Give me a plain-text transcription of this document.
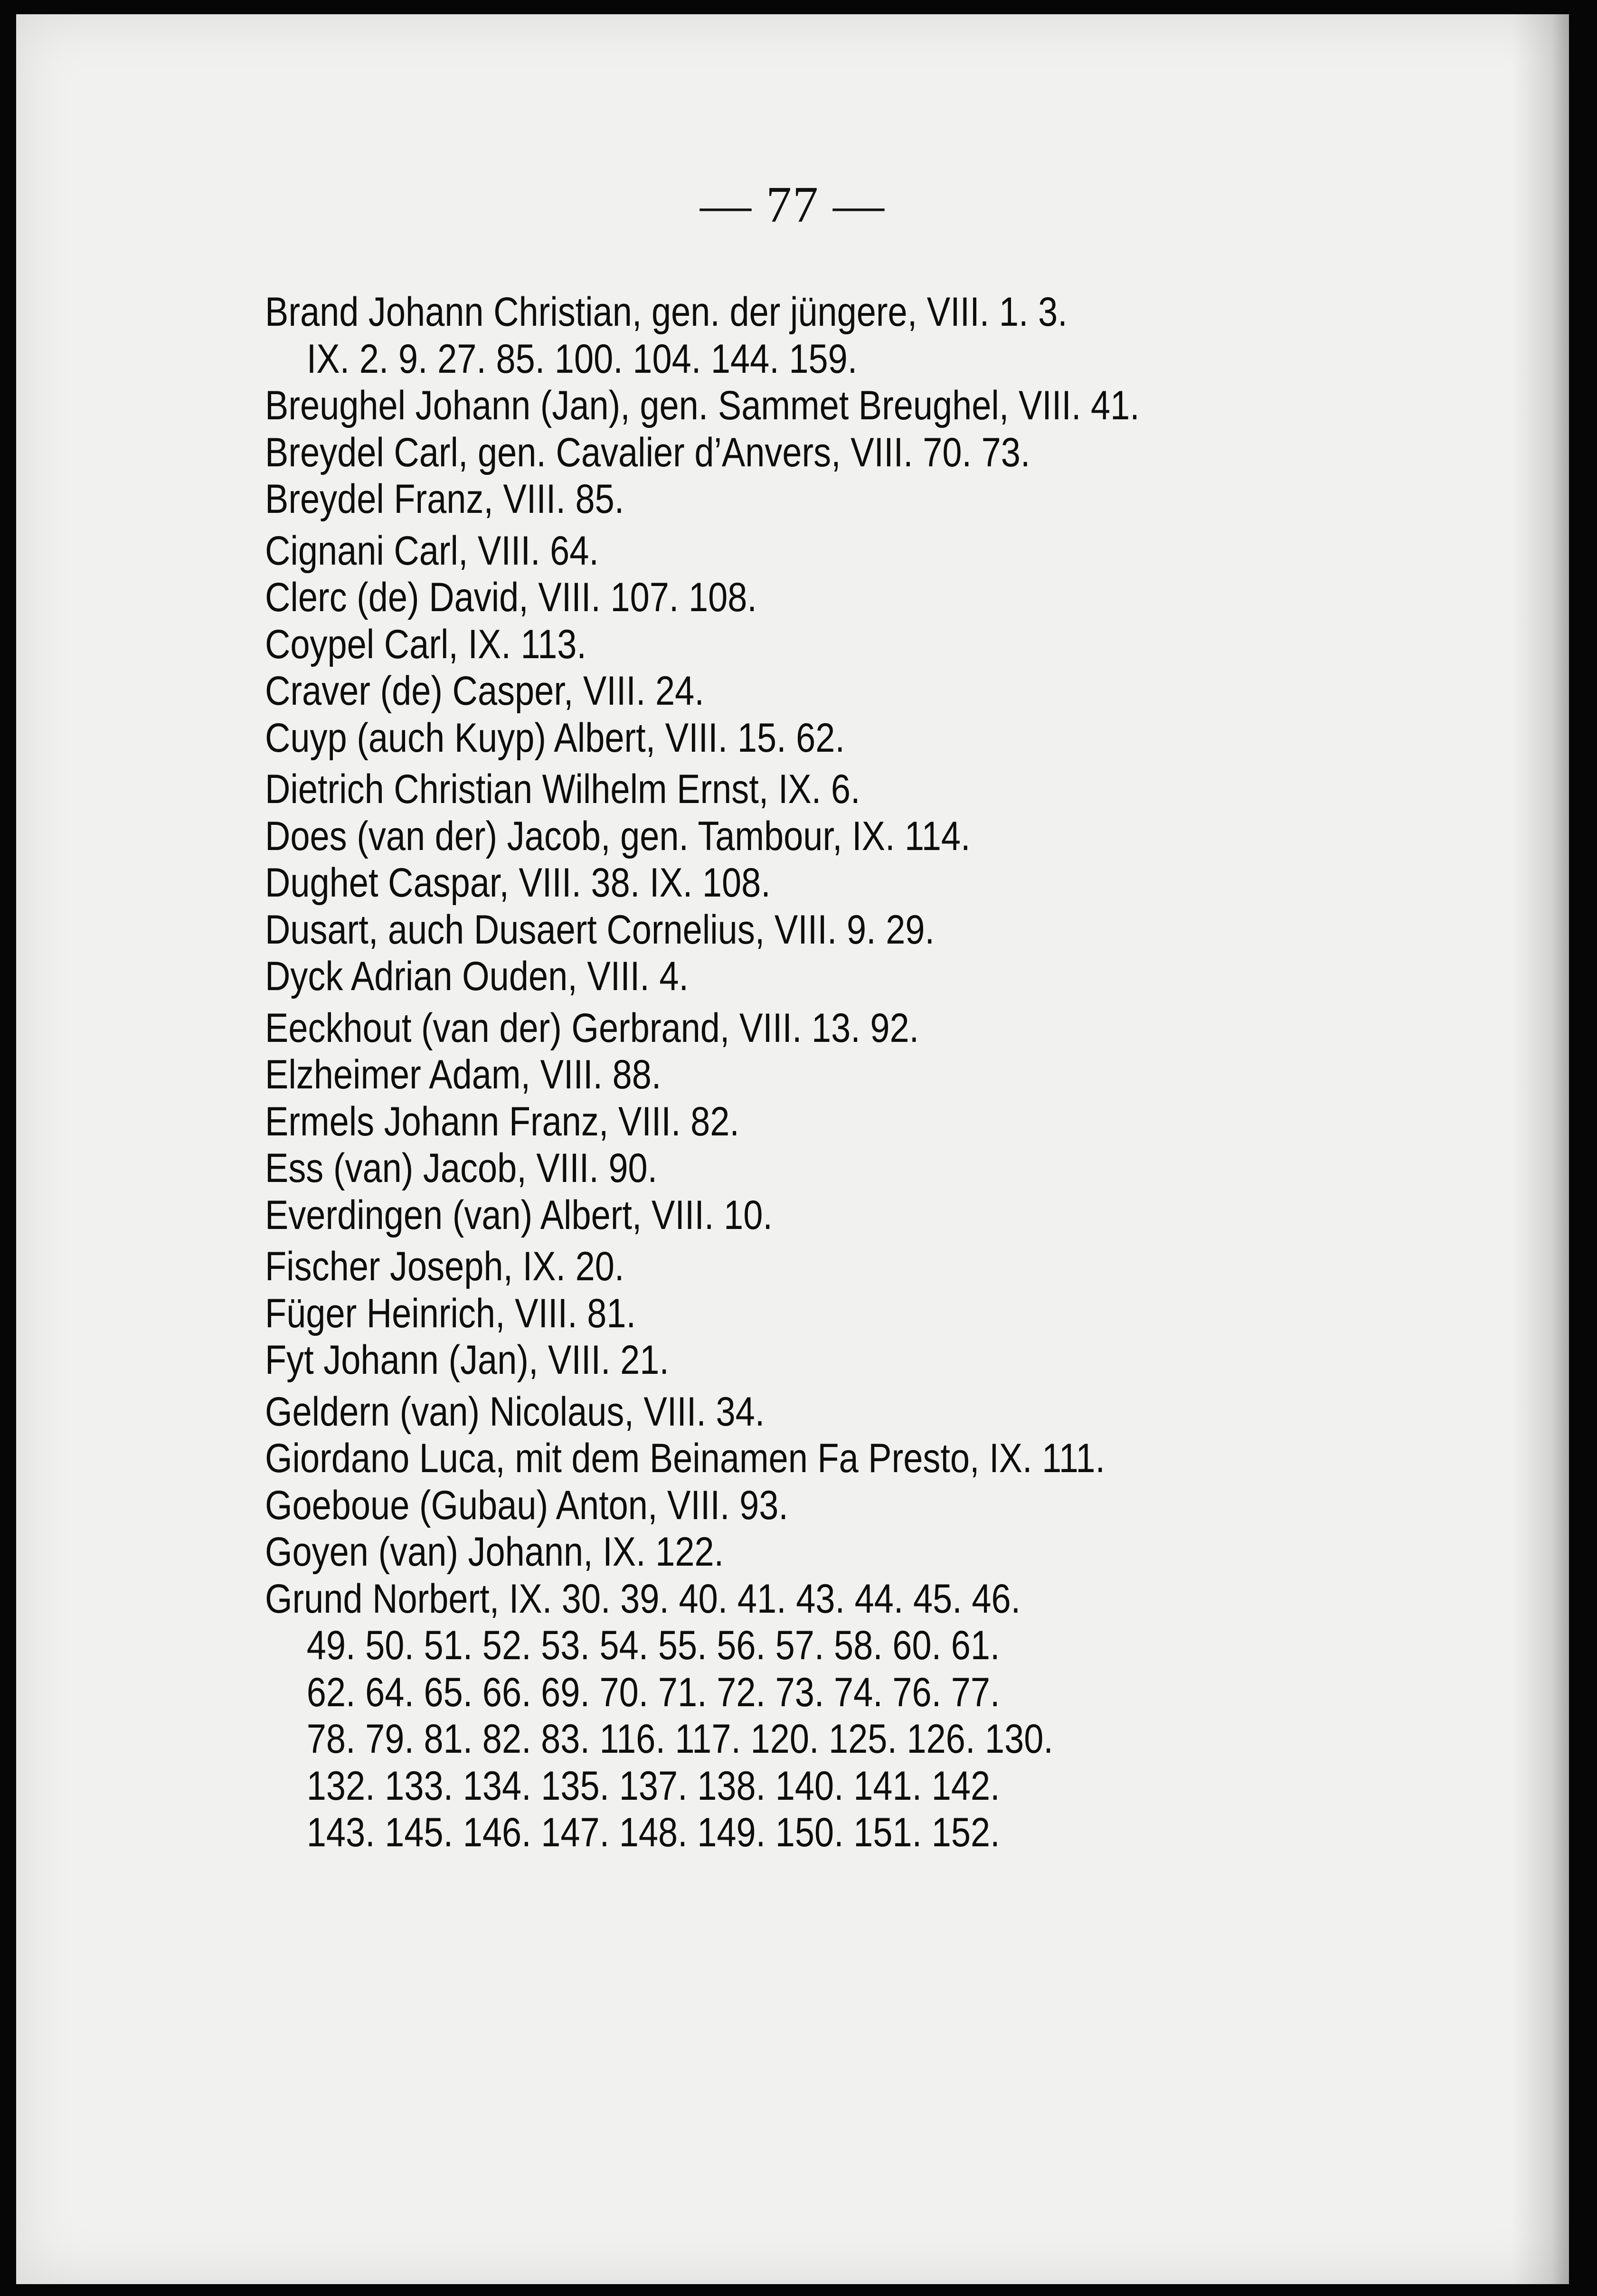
— 77 —
Brand Johann Christian, gen. der jüngere, VIII. 1. 3.
IX. 2. 9. 27. 85. 100. 104. 144. 159.
Breughel Johann (Jan), gen. Sammet Breughel, VIII. 41.
Breydel Carl, gen. Cavalier d’Anvers, VIII. 70. 73.
Breydel Franz, VIII. 85.
Cignani Carl, VIII. 64.
Clerc (de) David, VIII. 107. 108.
Coypel Carl, IX. 113.
Craver (de) Casper, VIII. 24.
Cuyp (auch Kuyp) Albert, VIII. 15. 62.
Dietrich Christian Wilhelm Ernst, IX. 6.
Does (van der) Jacob, gen. Tambour, IX. 114.
Dughet Caspar, VIII. 38. IX. 108.
Dusart, auch Dusaert Cornelius, VIII. 9. 29.
Dyck Adrian Ouden, VIII. 4.
Eeckhout (van der) Gerbrand, VIII. 13. 92.
Elzheimer Adam, VIII. 88.
Ermels Johann Franz, VIII. 82.
Ess (van) Jacob, VIII. 90.
Everdingen (van) Albert, VIII. 10.
Fischer Joseph, IX. 20.
Füger Heinrich, VIII. 81.
Fyt Johann (Jan), VIII. 21.
Geldern (van) Nicolaus, VIII. 34.
Giordano Luca, mit dem Beinamen Fa Presto, IX. 111.
Goeboue (Gubau) Anton, VIII. 93.
Goyen (van) Johann, IX. 122.
Grund Norbert, IX. 30. 39. 40. 41. 43. 44. 45. 46.
49. 50. 51. 52. 53. 54. 55. 56. 57. 58. 60. 61.
62. 64. 65. 66. 69. 70. 71. 72. 73. 74. 76. 77.
78. 79. 81. 82. 83. 116. 117. 120. 125. 126. 130.
132. 133. 134. 135. 137. 138. 140. 141. 142.
143. 145. 146. 147. 148. 149. 150. 151. 152.
